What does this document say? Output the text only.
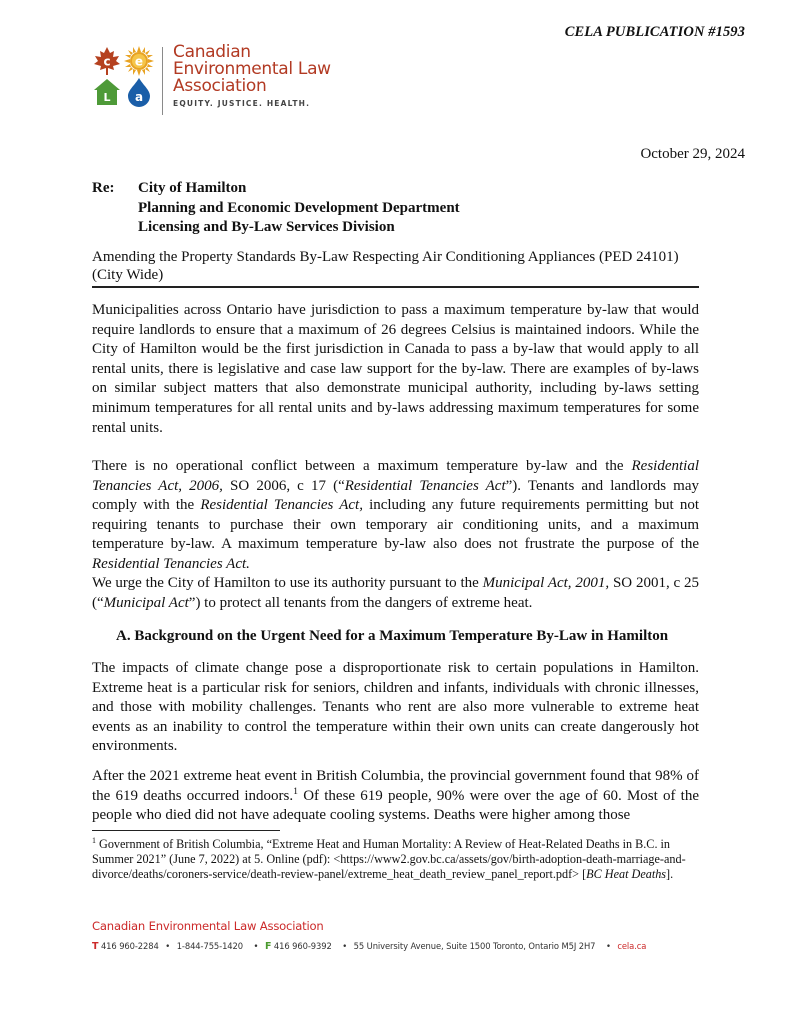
CELA PUBLICATION #1593
c e
L a
Canadian
Environmental Law
Association
EQUITY. JUSTICE. HEALTH.
October 29, 2024
Re:	City of Hamilton
Planning and Economic Development Department
Licensing and By-Law Services Division
Amending the Property Standards By-Law Respecting Air Conditioning Appliances (PED 24101)
(City Wide)

Municipalities across Ontario have jurisdiction to pass a maximum temperature by-law that would require landlords to ensure that a maximum of 26 degrees Celsius is maintained indoors. While the City of Hamilton would be the first jurisdiction in Canada to pass a by-law that would apply to all rental units, there is legislative and case law support for the by-law. There are examples of by-laws on similar subject matters that also demonstrate municipal authority, including by-laws setting minimum temperatures for all rental units and by-laws addressing maximum temperatures for some rental units.

There is no operational conflict between a maximum temperature by-law and the Residential Tenancies Act, 2006, SO 2006, c 17 (“Residential Tenancies Act”). Tenants and landlords may comply with the Residential Tenancies Act, including any future requirements permitting but not requiring tenants to purchase their own temporary air conditioning units, and a maximum temperature by-law. A maximum temperature by-law also does not frustrate the purpose of the Residential Tenancies Act.

We urge the City of Hamilton to use its authority pursuant to the Municipal Act, 2001, SO 2001, c 25 (“Municipal Act”) to protect all tenants from the dangers of extreme heat.

A. Background on the Urgent Need for a Maximum Temperature By-Law in Hamilton

The impacts of climate change pose a disproportionate risk to certain populations in Hamilton. Extreme heat is a particular risk for seniors, children and infants, individuals with chronic illnesses, and those with mobility challenges. Tenants who rent are also more vulnerable to extreme heat events as an inability to control the temperature within their own units can create dangerously hot environments.

After the 2021 extreme heat event in British Columbia, the provincial government found that 98% of the 619 deaths occurred indoors.$^1$ Of these 619 people, 90% were over the age of 60. Most of the people who died did not have adequate cooling systems. Deaths were higher among those

$^1$ Government of British Columbia, “Extreme Heat and Human Mortality: A Review of Heat-Related Deaths in B.C. in Summer 2021” (June 7, 2022) at 5. Online (pdf): <https://www2.gov.bc.ca/assets/gov/birth-adoption-death-marriage-and-divorce/deaths/coroners-service/death-review-panel/extreme_heat_death_review_panel_report.pdf> [BC Heat Deaths].
Canadian Environmental Law Association
T 416 960-2284 • 1-844-755-1420 • F 416 960-9392 • 55 University Avenue, Suite 1500 Toronto, Ontario M5J 2H7 • cela.ca
